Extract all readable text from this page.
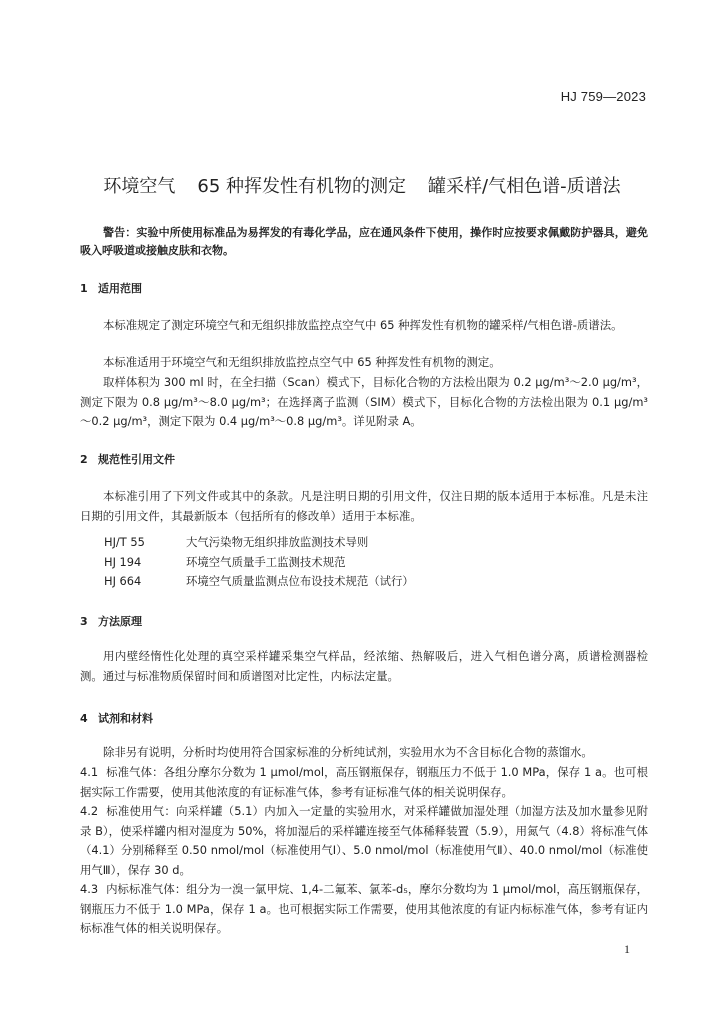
HJ 759—2023
环境空气 65 种挥发性有机物的测定 罐采样/气相色谱-质谱法
警告：实验中所使用标准品为易挥发的有毒化学品，应在通风条件下使用，操作时应按要求佩戴防护器具，避免吸入呼吸道或接触皮肤和衣物。
1 适用范围
本标准规定了测定环境空气和无组织排放监控点空气中 65 种挥发性有机物的罐采样/气相色谱-质谱法。
本标准适用于环境空气和无组织排放监控点空气中 65 种挥发性有机物的测定。
取样体积为 300 ml 时，在全扫描（Scan）模式下，目标化合物的方法检出限为 0.2 μg/m³～2.0 μg/m³，测定下限为 0.8 μg/m³～8.0 μg/m³；在选择离子监测（SIM）模式下，目标化合物的方法检出限为 0.1 μg/m³～0.2 μg/m³，测定下限为 0.4 μg/m³～0.8 μg/m³。详见附录 A。
2 规范性引用文件
本标准引用了下列文件或其中的条款。凡是注明日期的引用文件，仅注日期的版本适用于本标准。凡是未注日期的引用文件，其最新版本（包括所有的修改单）适用于本标准。
HJ/T 55	大气污染物无组织排放监测技术导则
HJ 194	环境空气质量手工监测技术规范
HJ 664	环境空气质量监测点位布设技术规范（试行）
3 方法原理
用内壁经惰性化处理的真空采样罐采集空气样品，经浓缩、热解吸后，进入气相色谱分离，质谱检测器检测。通过与标准物质保留时间和质谱图对比定性，内标法定量。
4 试剂和材料
除非另有说明，分析时均使用符合国家标准的分析纯试剂，实验用水为不含目标化合物的蒸馏水。
4.1 标准气体：各组分摩尔分数为 1 μmol/mol，高压钢瓶保存，钢瓶压力不低于 1.0 MPa，保存 1 a。也可根据实际工作需要，使用其他浓度的有证标准气体，参考有证标准气体的相关说明保存。
4.2 标准使用气：向采样罐（5.1）内加入一定量的实验用水，对采样罐做加湿处理（加湿方法及加水量参见附录 B），使采样罐内相对湿度为 50%，将加湿后的采样罐连接至气体稀释装置（5.9），用氮气（4.8）将标准气体（4.1）分别稀释至 0.50 nmol/mol（标准使用气Ⅰ）、5.0 nmol/mol（标准使用气Ⅱ）、40.0 nmol/mol（标准使用气Ⅲ），保存 30 d。
4.3 内标标准气体：组分为一溴一氯甲烷、1,4-二氟苯、氯苯-d₅，摩尔分数均为 1 μmol/mol，高压钢瓶保存，钢瓶压力不低于 1.0 MPa，保存 1 a。也可根据实际工作需要，使用其他浓度的有证内标标准气体，参考有证内标标准气体的相关说明保存。
1
